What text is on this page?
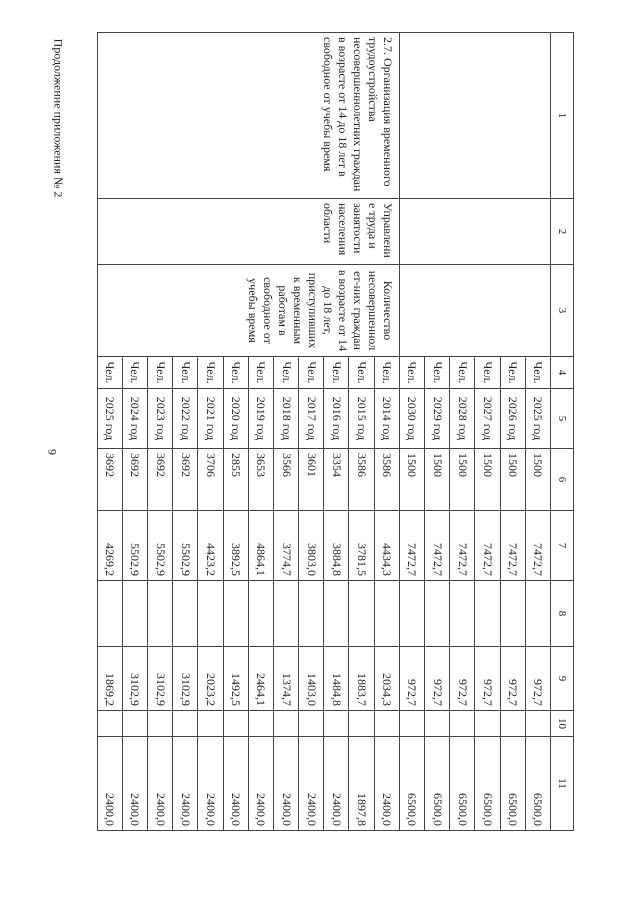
9
Продолжение приложения № 2	1	2	3	4	5	6	7	8	9	10	11
			Чел.	2025 год	1500	7472,7		972,7		6500,0
			Чел.	2026 год	1500	7472,7		972,7		6500,0
			Чел.	2027 год	1500	7472,7		972,7		6500,0
			Чел.	2028 год	1500	7472,7		972,7		6500,0
			Чел.	2029 год	1500	7472,7		972,7		6500,0
			Чел.	2030 год	1500	7472,7		972,7		6500,0
2.7. Организация временного трудоустройства несовершеннолетних граждан в возрасте от 14 до 18 лет в свободное от учебы время	Управление труда и занятости населения области	Количество несовершеннолет-них граждан в возрасте от 14 до 18 лет, приступивших к временным работам в свободное от учебы время	Чел.	2014 год	3586	4434,3		2034,3		2400,0
			Чел.	2015 год	3586	3781,5		1883,7		1897,8
			Чел.	2016 год	3354	3884,8		1484,8		2400,0
			Чел.	2017 год	3601	3803,0		1403,0		2400,0
			Чел.	2018 год	3566	3774,7		1374,7		2400,0
			Чел.	2019 год	3653	4864,1		2464,1		2400,0
			Чел.	2020 год	2855	3892,5		1492,5		2400,0
			Чел.	2021 год	3706	4423,2		2023,2		2400,0
			Чел.	2022 год	3692	5502,9		3102,9		2400,0
			Чел.	2023 год	3692	5502,9		3102,9		2400,0
			Чел.	2024 год	3692	5502,9		3102,9		2400,0
			Чел.	2025 год	3692	4269,2		1869,2		2400,0
